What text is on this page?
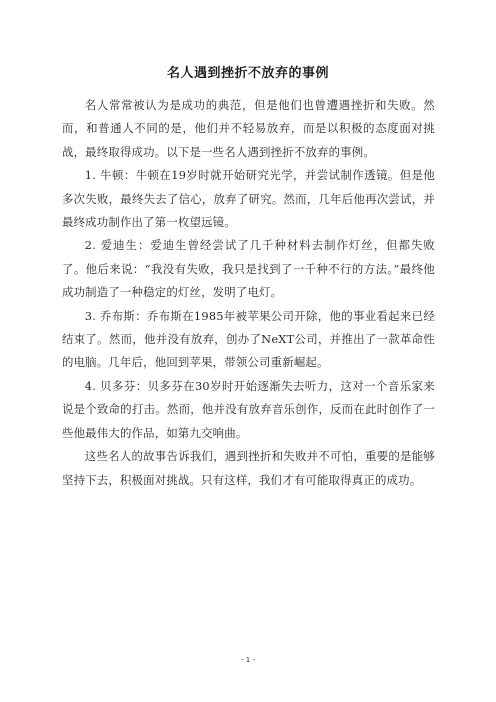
名人遇到挫折不放弃的事例

名人常常被认为是成功的典范，但是他们也曾遭遇挫折和失败。然而，和普通人不同的是，他们并不轻易放弃，而是以积极的态度面对挑战，最终取得成功。以下是一些名人遇到挫折不放弃的事例。

1. 牛顿：牛顿在19岁时就开始研究光学，并尝试制作透镜。但是他多次失败，最终失去了信心，放弃了研究。然而，几年后他再次尝试，并最终成功制作出了第一枚望远镜。

2. 爱迪生：爱迪生曾经尝试了几千种材料去制作灯丝，但都失败了。他后来说：“我没有失败，我只是找到了一千种不行的方法。”最终他成功制造了一种稳定的灯丝，发明了电灯。

3. 乔布斯：乔布斯在1985年被苹果公司开除，他的事业看起来已经结束了。然而，他并没有放弃，创办了NeXT公司，并推出了一款革命性的电脑。几年后，他回到苹果，带领公司重新崛起。

4. 贝多芬：贝多芬在30岁时开始逐渐失去听力，这对一个音乐家来说是个致命的打击。然而，他并没有放弃音乐创作，反而在此时创作了一些他最伟大的作品，如第九交响曲。

这些名人的故事告诉我们，遇到挫折和失败并不可怕，重要的是能够坚持下去，积极面对挑战。只有这样，我们才有可能取得真正的成功。

- 1 -
